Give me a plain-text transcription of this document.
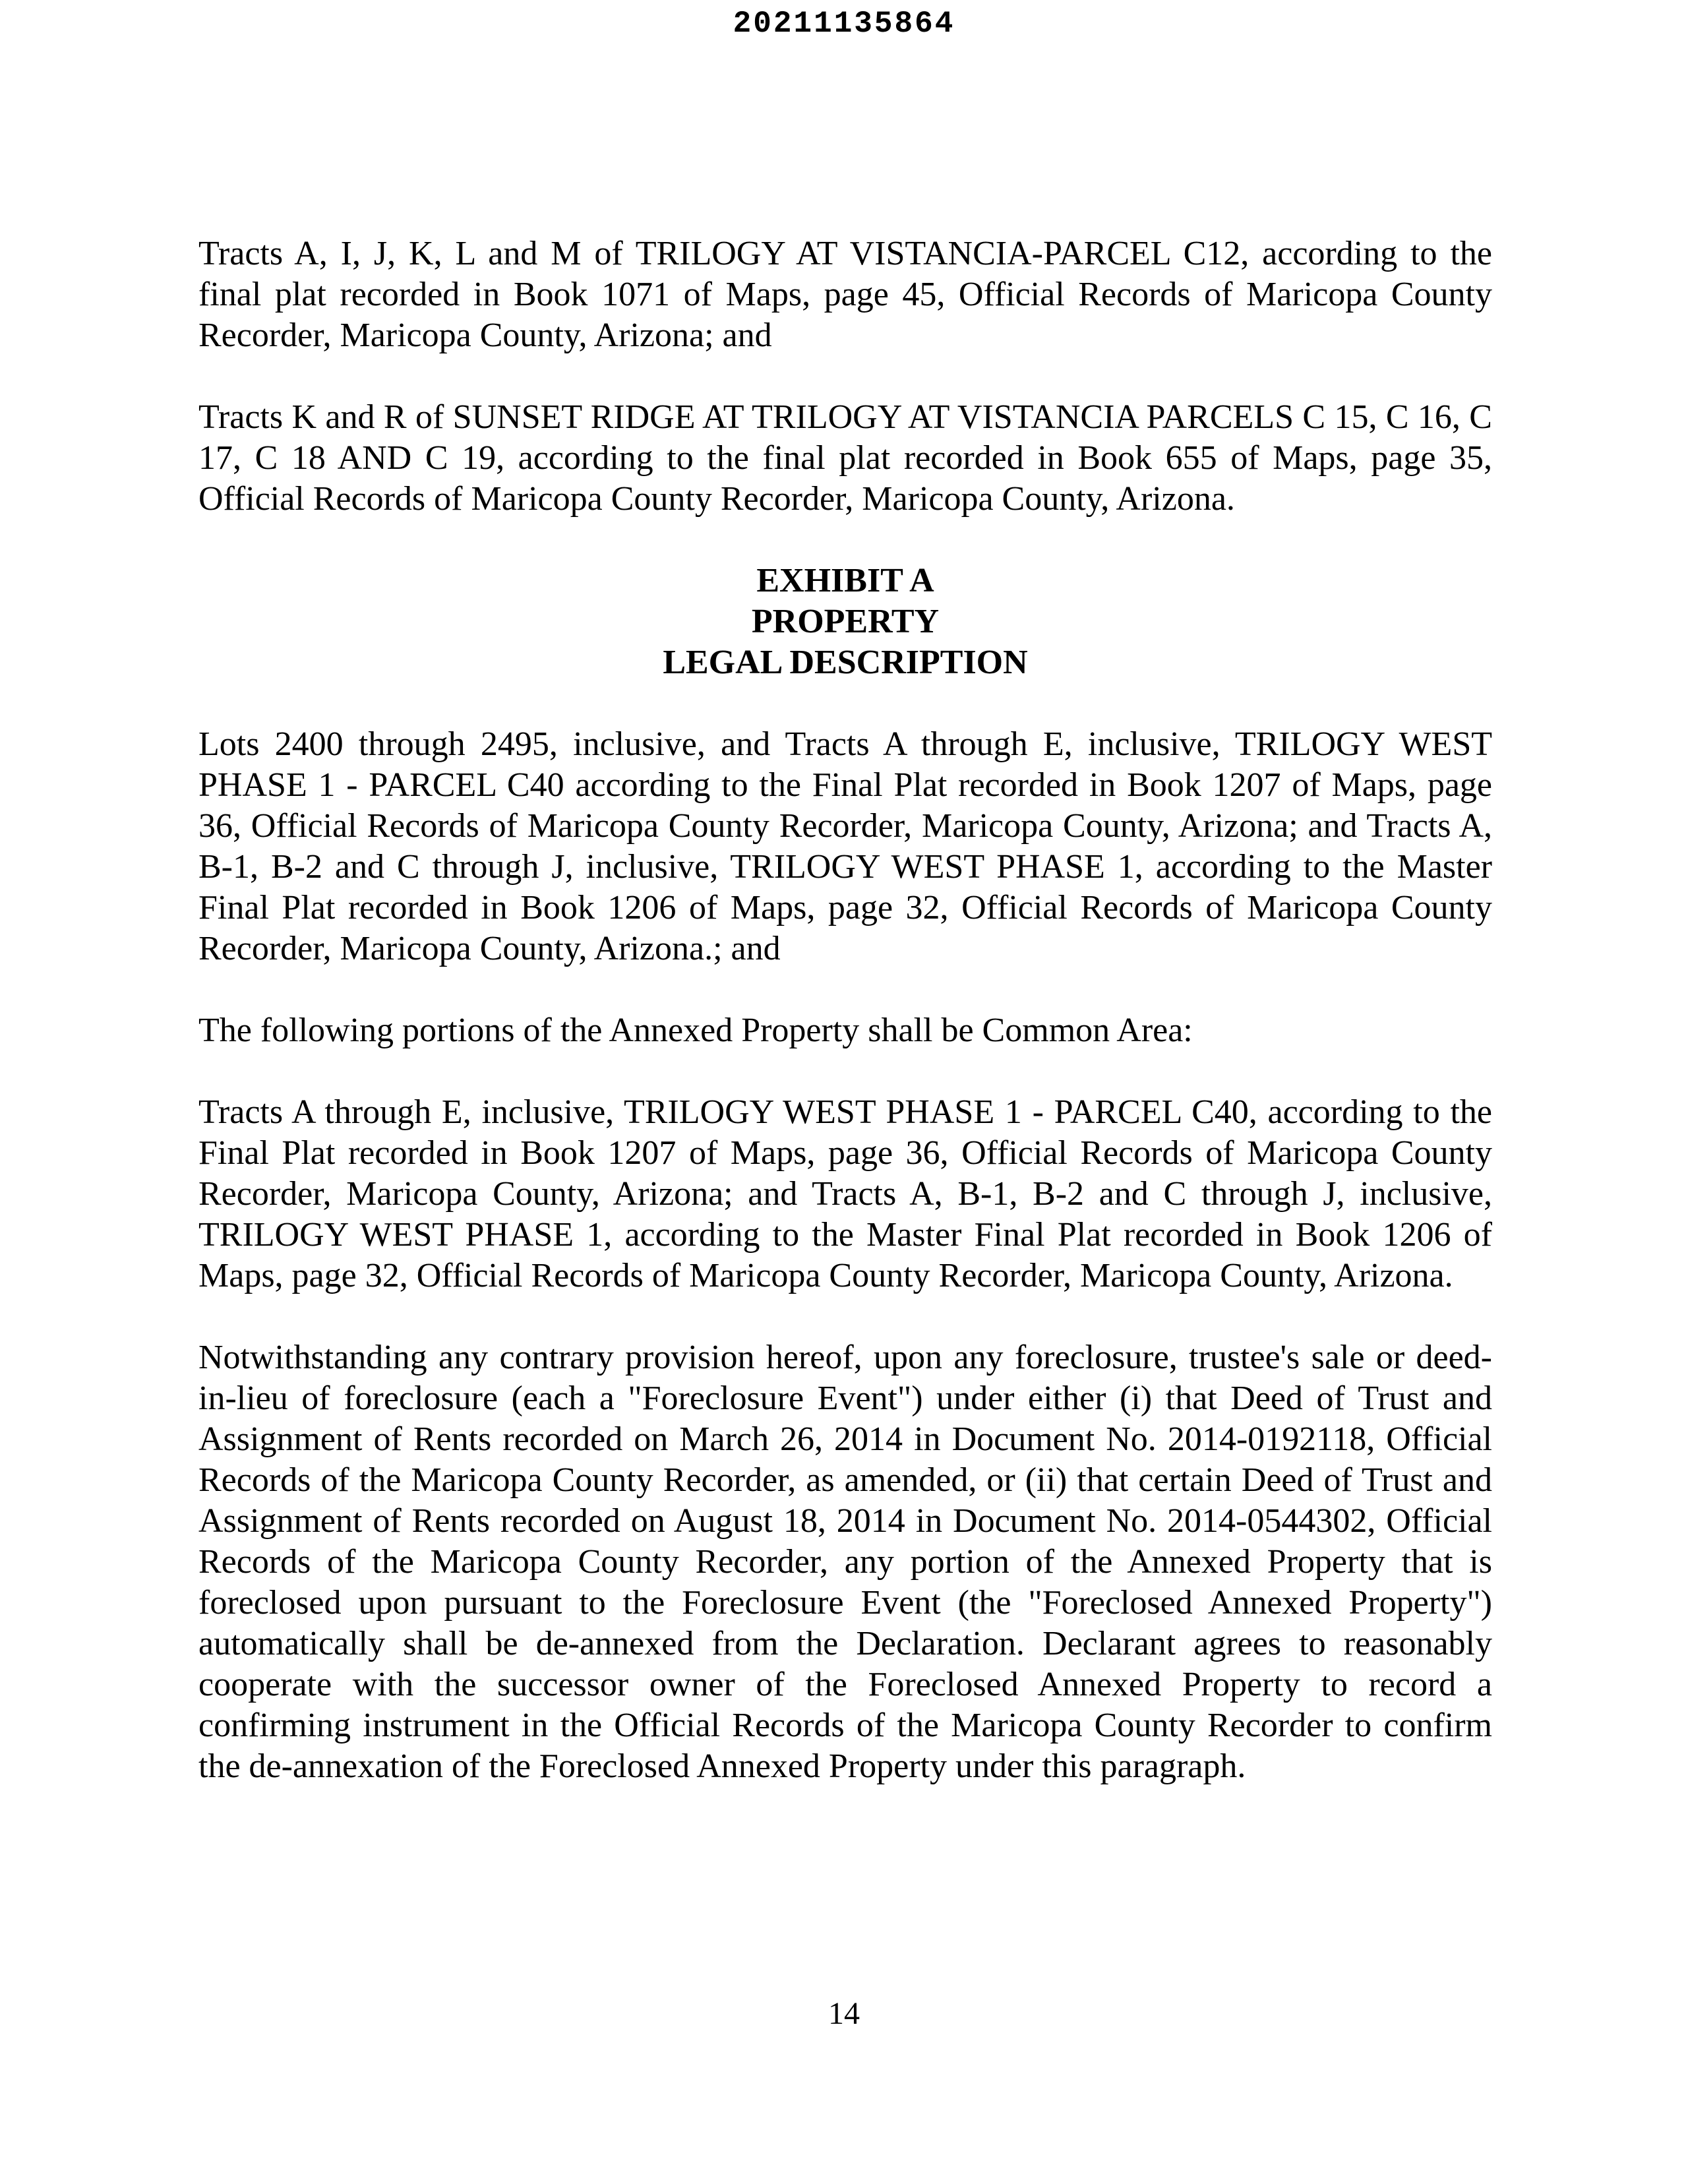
20211135864

Tracts A, I, J, K, L and M of TRILOGY AT VISTANCIA-PARCEL C12, according to the final plat recorded in Book 1071 of Maps, page 45, Official Records of Maricopa County Recorder, Maricopa County, Arizona; and

Tracts K and R of SUNSET RIDGE AT TRILOGY AT VISTANCIA PARCELS C 15, C 16, C 17, C 18 AND C 19, according to the final plat recorded in Book 655 of Maps, page 35, Official Records of Maricopa County Recorder, Maricopa County, Arizona.

EXHIBIT A
PROPERTY
LEGAL DESCRIPTION

Lots 2400 through 2495, inclusive, and Tracts A through E, inclusive, TRILOGY WEST PHASE 1 - PARCEL C40 according to the Final Plat recorded in Book 1207 of Maps, page 36, Official Records of Maricopa County Recorder, Maricopa County, Arizona; and Tracts A, B-1, B-2 and C through J, inclusive, TRILOGY WEST PHASE 1, according to the Master Final Plat recorded in Book 1206 of Maps, page 32, Official Records of Maricopa County Recorder, Maricopa County, Arizona.; and

The following portions of the Annexed Property shall be Common Area:

Tracts A through E, inclusive, TRILOGY WEST PHASE 1 - PARCEL C40, according to the Final Plat recorded in Book 1207 of Maps, page 36, Official Records of Maricopa County Recorder, Maricopa County, Arizona; and Tracts A, B-1, B-2 and C through J, inclusive, TRILOGY WEST PHASE 1, according to the Master Final Plat recorded in Book 1206 of Maps, page 32, Official Records of Maricopa County Recorder, Maricopa County, Arizona.

Notwithstanding any contrary provision hereof, upon any foreclosure, trustee's sale or deed-in-lieu of foreclosure (each a "Foreclosure Event") under either (i) that Deed of Trust and Assignment of Rents recorded on March 26, 2014 in Document No. 2014-0192118, Official Records of the Maricopa County Recorder, as amended, or (ii) that certain Deed of Trust and Assignment of Rents recorded on August 18, 2014 in Document No. 2014-0544302, Official Records of the Maricopa County Recorder, any portion of the Annexed Property that is foreclosed upon pursuant to the Foreclosure Event (the "Foreclosed Annexed Property") automatically shall be de-annexed from the Declaration. Declarant agrees to reasonably cooperate with the successor owner of the Foreclosed Annexed Property to record a confirming instrument in the Official Records of the Maricopa County Recorder to confirm the de-annexation of the Foreclosed Annexed Property under this paragraph.

14
